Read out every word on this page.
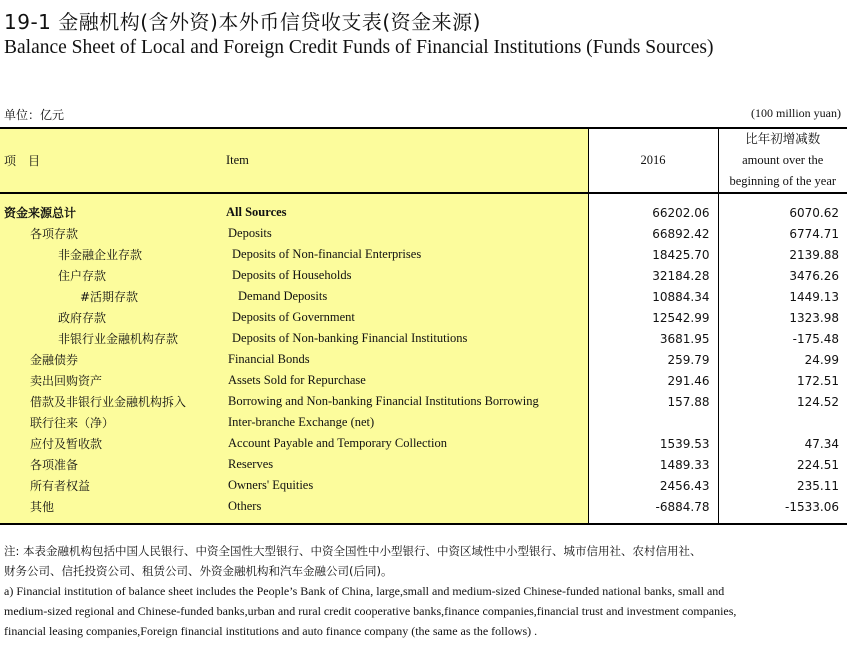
19-1 金融机构(含外资)本外币信贷收支表(资金来源)
Balance Sheet of Local and Foreign Credit Funds of Financial Institutions (Funds Sources)
单位：亿元	(100 million yuan)
项　目	Item	2016	比年初增减数
amount over the
beginning of the year

资金来源总计	All Sources	66202.06	6070.62
各项存款	Deposits	66892.42	6774.71
非金融企业存款	Deposits of Non-financial Enterprises	18425.70	2139.88
住户存款	Deposits of Households	32184.28	3476.26
#活期存款	Demand Deposits	10884.34	1449.13
政府存款	Deposits of Government	12542.99	1323.98
非银行业金融机构存款	Deposits of Non-banking Financial Institutions	3681.95	-175.48
金融债券	Financial Bonds	259.79	24.99
卖出回购资产	Assets Sold for Repurchase	291.46	172.51
借款及非银行业金融机构拆入	Borrowing and Non-banking Financial Institutions Borrowing	157.88	124.52
联行往来（净）	Inter-branche Exchange (net)		
应付及暂收款	Account Payable and Temporary Collection	1539.53	47.34
各项准备	Reserves	1489.33	224.51
所有者权益	Owners' Equities	2456.43	235.11
其他	Others	-6884.78	-1533.06

注: 本表金融机构包括中国人民银行、中资全国性大型银行、中资全国性中小型银行、中资区域性中小型银行、城市信用社、农村信用社、
财务公司、信托投资公司、租赁公司、外资金融机构和汽车金融公司(后同)。
a) Financial institution of balance sheet includes the People’s Bank of China, large,small and medium-sized Chinese-funded national banks, small and
medium-sized regional and Chinese-funded banks,urban and rural credit cooperative banks,finance companies,financial trust and investment companies,
financial leasing companies,Foreign financial institutions and auto finance company (the same as the follows) .
